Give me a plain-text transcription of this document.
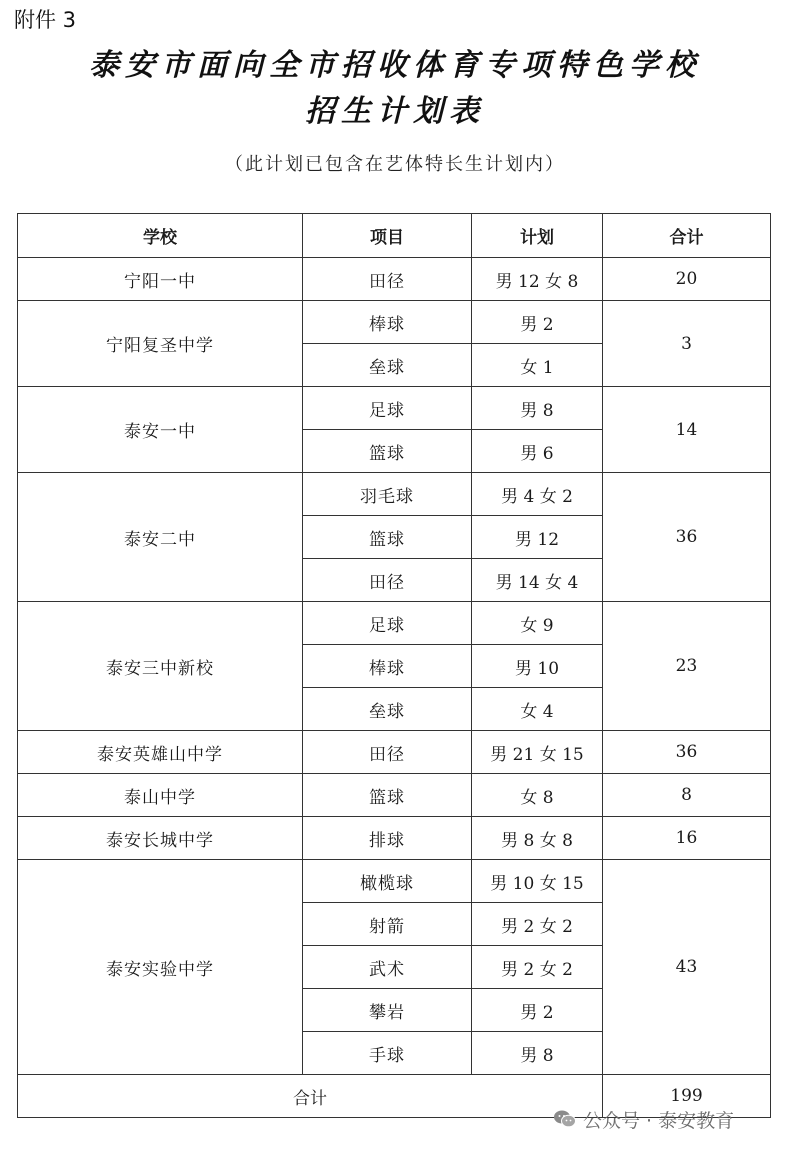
附件 3
泰安市面向全市招收体育专项特色学校
招生计划表
（此计划已包含在艺体特长生计划内）
学校	项目	计划	合计
宁阳一中	田径	男 12 女 8	20
宁阳复圣中学	棒球	男 2	3
	垒球	女 1	
泰安一中	足球	男 8	14
	篮球	男 6	
泰安二中	羽毛球	男 4 女 2	36
	篮球	男 12	
	田径	男 14 女 4	
泰安三中新校	足球	女 9	23
	棒球	男 10	
	垒球	女 4	
泰安英雄山中学	田径	男 21 女 15	36
泰山中学	篮球	女 8	8
泰安长城中学	排球	男 8 女 8	16
泰安实验中学	橄榄球	男 10 女 15	43
	射箭	男 2 女 2	
	武术	男 2 女 2	
	攀岩	男 2	
	手球	男 8	
合计			199
公众号 · 泰安教育
